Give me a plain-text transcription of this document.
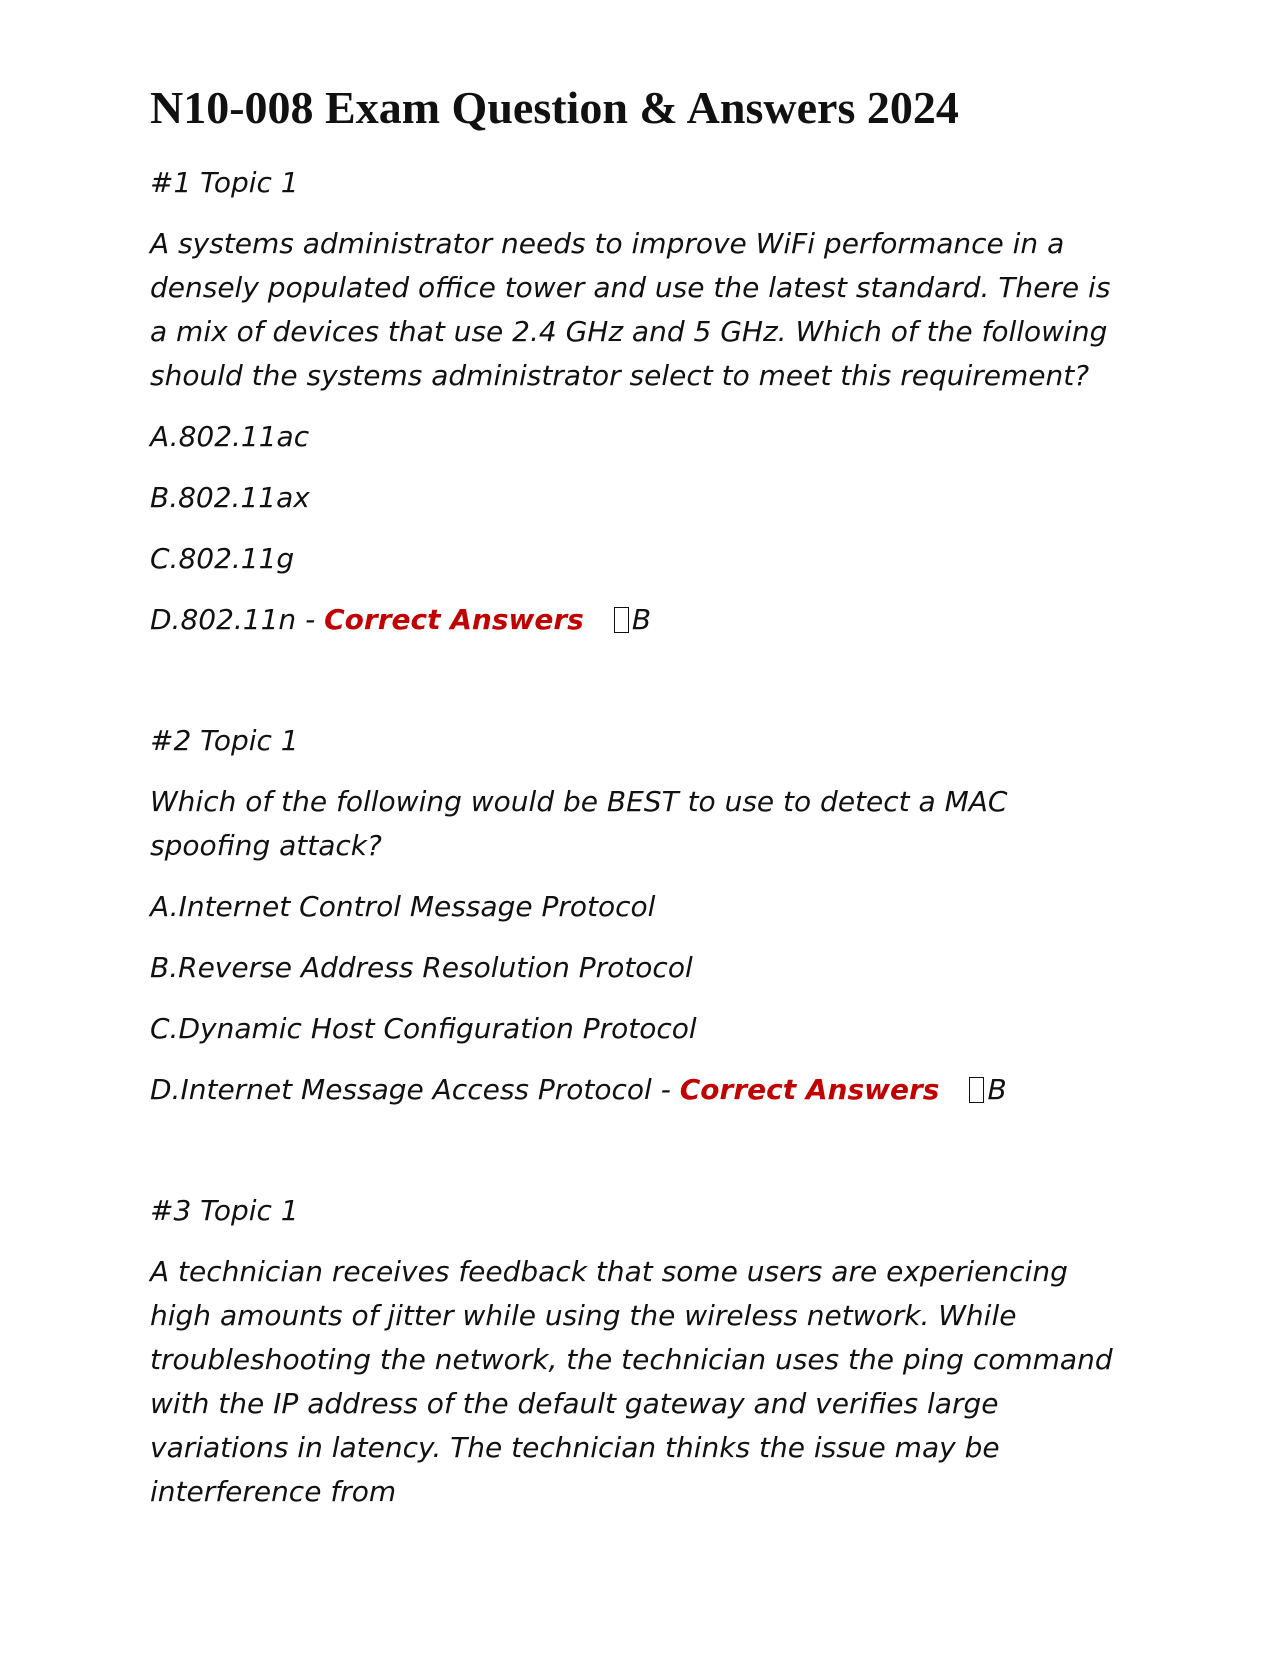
N10-008 Exam Question & Answers 2024

#1 Topic 1

A systems administrator needs to improve WiFi performance in a densely populated office tower and use the latest standard. There is a mix of devices that use 2.4 GHz and 5 GHz. Which of the following should the systems administrator select to meet this requirement?

A.802.11ac

B.802.11ax

C.802.11g

D.802.11n - Correct Answers B

#2 Topic 1

Which of the following would be BEST to use to detect a MAC spoofing attack?

A.Internet Control Message Protocol

B.Reverse Address Resolution Protocol

C.Dynamic Host Configuration Protocol

D.Internet Message Access Protocol - Correct Answers B

#3 Topic 1

A technician receives feedback that some users are experiencing high amounts of jitter while using the wireless network. While troubleshooting the network, the technician uses the ping command with the IP address of the default gateway and verifies large variations in latency. The technician thinks the issue may be interference from
